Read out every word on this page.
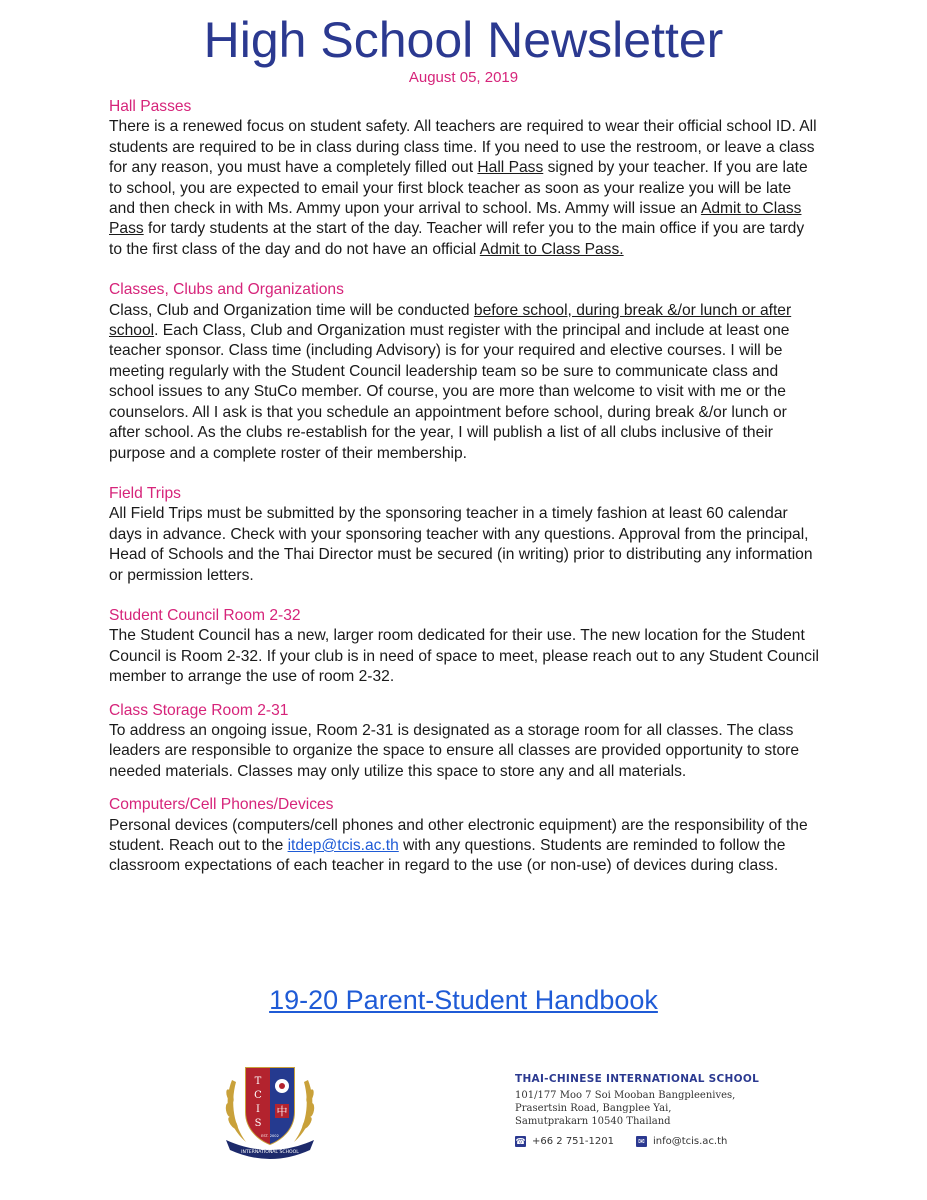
High School Newsletter
August 05, 2019
Hall Passes
There is a renewed focus on student safety. All teachers are required to wear their official school ID. All students are required to be in class during class time. If you need to use the restroom, or leave a class for any reason, you must have a completely filled out Hall Pass signed by your teacher. If you are late to school, you are expected to email your first block teacher as soon as your realize you will be late and then check in with Ms. Ammy upon your arrival to school. Ms. Ammy will issue an Admit to Class Pass for tardy students at the start of the day. Teacher will refer you to the main office if you are tardy to the first class of the day and do not have an official Admit to Class Pass.
Classes, Clubs and Organizations
Class, Club and Organization time will be conducted before school, during break &/or lunch or after school. Each Class, Club and Organization must register with the principal and include at least one teacher sponsor. Class time (including Advisory) is for your required and elective courses. I will be meeting regularly with the Student Council leadership team so be sure to communicate class and school issues to any StuCo member. Of course, you are more than welcome to visit with me or the counselors. All I ask is that you schedule an appointment before school, during break &/or lunch or after school. As the clubs re-establish for the year, I will publish a list of all clubs inclusive of their purpose and a complete roster of their membership.
Field Trips
All Field Trips must be submitted by the sponsoring teacher in a timely fashion at least 60 calendar days in advance. Check with your sponsoring teacher with any questions. Approval from the principal, Head of Schools and the Thai Director must be secured (in writing) prior to distributing any information or permission letters.
Student Council Room 2-32
The Student Council has a new, larger room dedicated for their use. The new location for the Student Council is Room 2-32. If your club is in need of space to meet, please reach out to any Student Council member to arrange the use of room 2-32.
Class Storage Room 2-31
To address an ongoing issue, Room 2-31 is designated as a storage room for all classes. The class leaders are responsible to organize the space to ensure all classes are provided opportunity to store needed materials. Classes may only utilize this space to store any and all materials.
Computers/Cell Phones/Devices
Personal devices (computers/cell phones and other electronic equipment) are the responsibility of the student. Reach out to the itdep@tcis.ac.th with any questions. Students are reminded to follow the classroom expectations of each teacher in regard to the use (or non-use) of devices during class.
19-20 Parent-Student Handbook
T
C
I
S
中
INTERNATIONAL SCHOOL
EST. 2002
THAI-CHINESE INTERNATIONAL SCHOOL
101/177 Moo 7 Soi Mooban Bangpleenives,
Prasertsin Road, Bangplee Yai,
Samutprakarn 10540 Thailand
☎ +66 2 751-1201	✉ info@tcis.ac.th
